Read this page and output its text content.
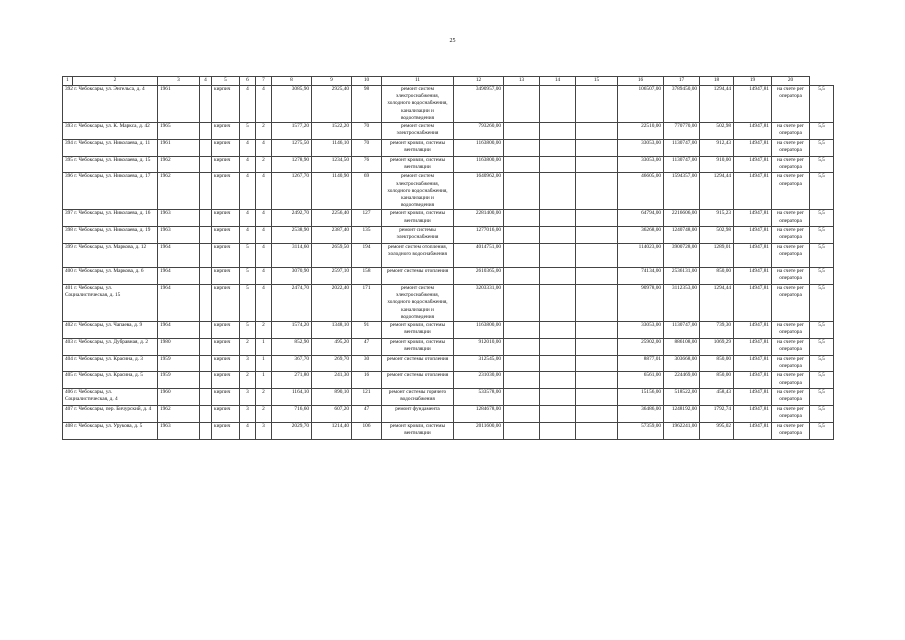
25
1	2	3	4	5	6	7	8	9	10	11	12	13	14	15	16	17	18	19	20	
392 г. Чебоксары, ул. Энгельса, д. 4		1961		кирпич	4	4	3085,90	2925,40	98	ремонт систем электроснабжения, холодного водоснабжения, канализации и водоотведения	3490957,00				106507,00	3789450,00	1294,44	14947,81	на счете рег оператора	5,5
393 г. Чебоксары, ул. К. Маркса, д. 42		1965		кирпич	5	2	1577,20	1522,20	70	ремонт систем электроснабжения	793260,00				22510,00	770770,00	502,98	14947,81	на счете рег оператора	5,5
394 г. Чебоксары, ул. Николаева, д. 11		1961		кирпич	4	4	1275,50	1146,10	70	ремонт кровли, системы вентиляции	1163800,00				33053,00	1130747,00	912,43	14947,81	на счете рег оператора	5,5
395 г. Чебоксары, ул. Николаева, д. 15		1962		кирпич	4	2	1278,90	1234,50	76	ремонт кровли, системы вентиляции	1163800,00				33053,00	1130747,00	910,00	14947,81	на счете рег оператора	5,5
396 г. Чебоксары, ул. Николаева, д. 17		1962		кирпич	4	4	1267,70	1140,90	69	ремонт систем электроснабжения, холодного водоснабжения, канализации и водоотведения	1640962,00				46605,00	1594357,00	1294,44	14947,81	на счете рег оператора	5,5
397 г. Чебоксары, ул. Николаева, д. 16		1963		кирпич	4	4	2492,70	2256,40	127	ремонт кровли, системы вентиляции	2281400,00				64794,00	2216606,00	915,23	14947,81	на счете рег оператора	5,5
398 г. Чебоксары, ул. Николаева, д. 19		1963		кирпич	4	4	2538,90	2387,40	135	ремонт системы электроснабжения	1277016,00				36268,00	1240748,00	502,98	14947,81	на счете рег оператора	5,5
399 г. Чебоксары, ул. Маркова, д. 12		1964		кирпич	5	4	3114,60	2659,50	194	ремонт систем отопления, холодного водоснабжения	4014751,00				114023,00	3900728,00	1289,01	14947,81	на счете рег оператора	5,5
400 г. Чебоксары, ул. Маркова, д. 6		1964		кирпич	5	4	3070,90	2597,10	158	ремонт системы отопления	2610365,00				74134,00	2536131,00	850,00	14947,81	на счете рег оператора	5,5
401 г. Чебоксары, ул. Социалистическая, д. 15		1964		кирпич	5	4	2474,70	2022,40	171	ремонт систем электроснабжения, холодного водоснабжения, канализации и водоотведения	3203331,00				90978,00	3112353,00	1294,44	14947,81	на счете рег оператора	5,5
402 г. Чебоксары, ул. Чапаева, д. 9		1964		кирпич	5	2	1574,20	1348,10	91	ремонт кровли, системы вентиляции	1163800,00				33053,00	1130747,00	739,30	14947,81	на счете рег оператора	5,5
403 г. Чебоксары, ул. Дубравная, д. 2		1980		кирпич	2	1	852,90	495,20	47	ремонт кровли, системы вентиляции	912010,00				25902,00	886108,00	1069,29	14947,81	на счете рег оператора	5,5
404 г. Чебоксары, ул. Красина, д. 3		1959		кирпич	3	1	367,70	269,70	30	ремонт системы отопления	312545,00				8877,01	303668,00	850,00	14947,81	на счете рег оператора	5,5
405 г. Чебоксары, ул. Красина, д. 5		1959		кирпич	2	1	271,80	241,30	16	ремонт системы отопления	231030,00				6561,00	224469,00	850,00	14947,81	на счете рег оператора	5,5
406 г. Чебоксары, ул. Социалистическая, д. 4		1960		кирпич	3	2	1164,10	890,10	121	ремонт системы горячего водоснабжения	533578,00				15156,00	518522,00	458,43	14947,81	на счете рег оператора	5,5
407 г. Чебоксары, пер. Бичурский, д. 4		1962		кирпич	3	2	716,60	607,20	47	ремонт фундамента	1284678,00				36486,00	1248192,00	1792,74	14947,81	на счете рег оператора	5,5
408 г. Чебоксары, ул. Урукова, д. 5		1963		кирпич	4	3	2029,70	1214,40	106	ремонт кровли, системы вентиляции	2011600,00				57359,00	1962241,00	995,02	14947,81	на счете рег оператора	5,5
